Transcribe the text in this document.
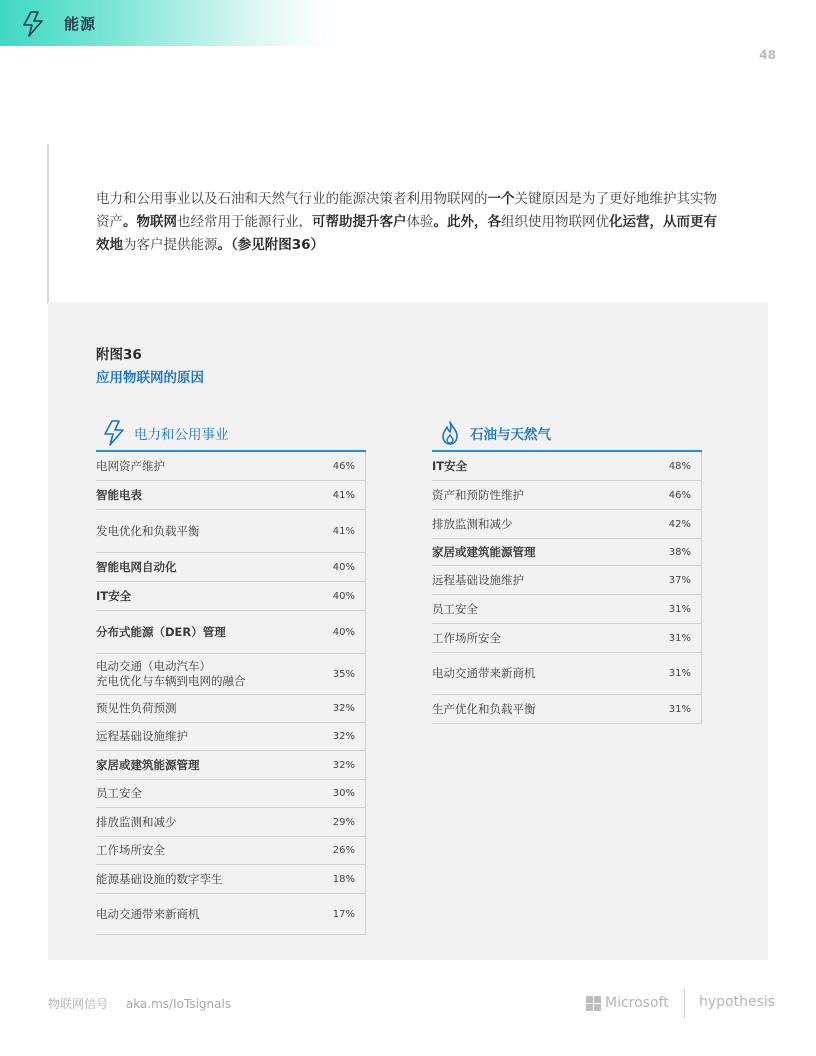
能源
48

电力和公用事业以及石油和天然气行业的能源决策者利用物联网的一个关键原因是为了更好地维护其实物资产。物联网也经常用于能源行业，可帮助提升客户体验。此外，各组织使用物联网优化运营，从而更有效地为客户提供能源。（参见附图36）

附图36
应用物联网的原因
电力和公用事业
电网资产维护	46%
智能电表	41%
发电优化和负载平衡	41%
智能电网自动化	40%
IT安全	40%
分布式能源（DER）管理	40%
电动交通（电动汽车）
充电优化与车辆到电网的融合	35%
预见性负荷预测	32%
远程基础设施维护	32%
家居或建筑能源管理	32%
员工安全	30%
排放监测和减少	29%
工作场所安全	26%
能源基础设施的数字孪生	18%
电动交通带来新商机	17%
石油与天然气
IT安全	48%
资产和预防性维护	46%
排放监测和减少	42%
家居或建筑能源管理	38%
远程基础设施维护	37%
员工安全	31%
工作场所安全	31%
电动交通带来新商机	31%
生产优化和负载平衡	31%
物联网信号 aka.ms/IoTsignals	Microsoft hypothesis
